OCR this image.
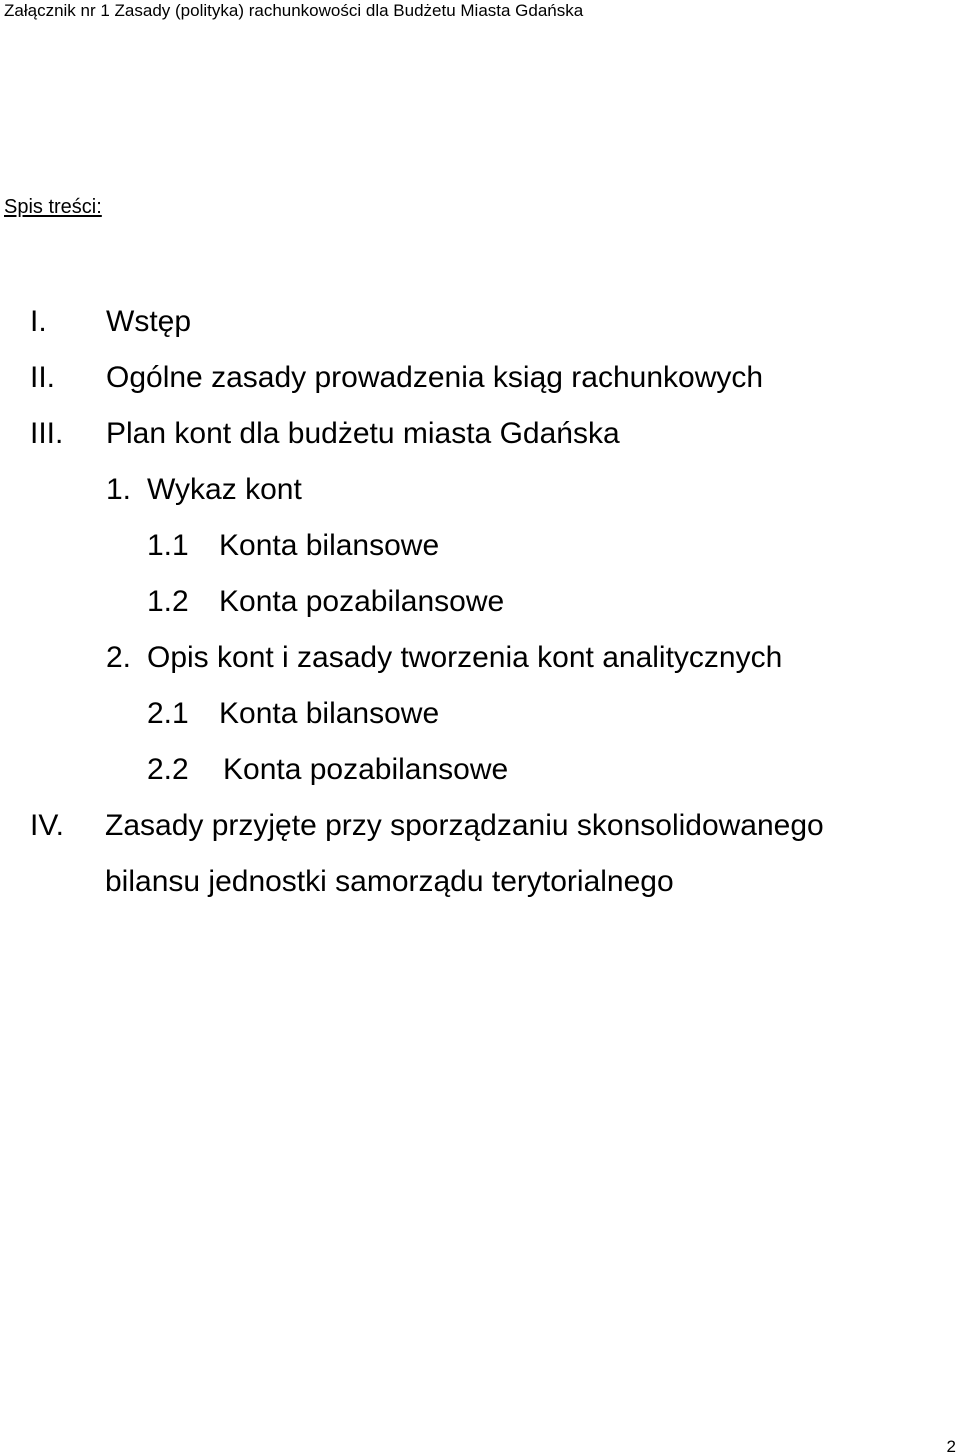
Załącznik nr 1 Zasady (polityka) rachunkowości dla Budżetu Miasta Gdańska
Spis treści:
I. Wstęp
II. Ogólne zasady prowadzenia ksiąg rachunkowych
III. Plan kont dla budżetu miasta Gdańska
1. Wykaz kont
1.1 Konta bilansowe
1.2 Konta pozabilansowe
2. Opis kont i zasady tworzenia kont analitycznych
2.1 Konta bilansowe
2.2 Konta pozabilansowe
IV. Zasady przyjęte przy sporządzaniu skonsolidowanego
bilansu jednostki samorządu terytorialnego
2
